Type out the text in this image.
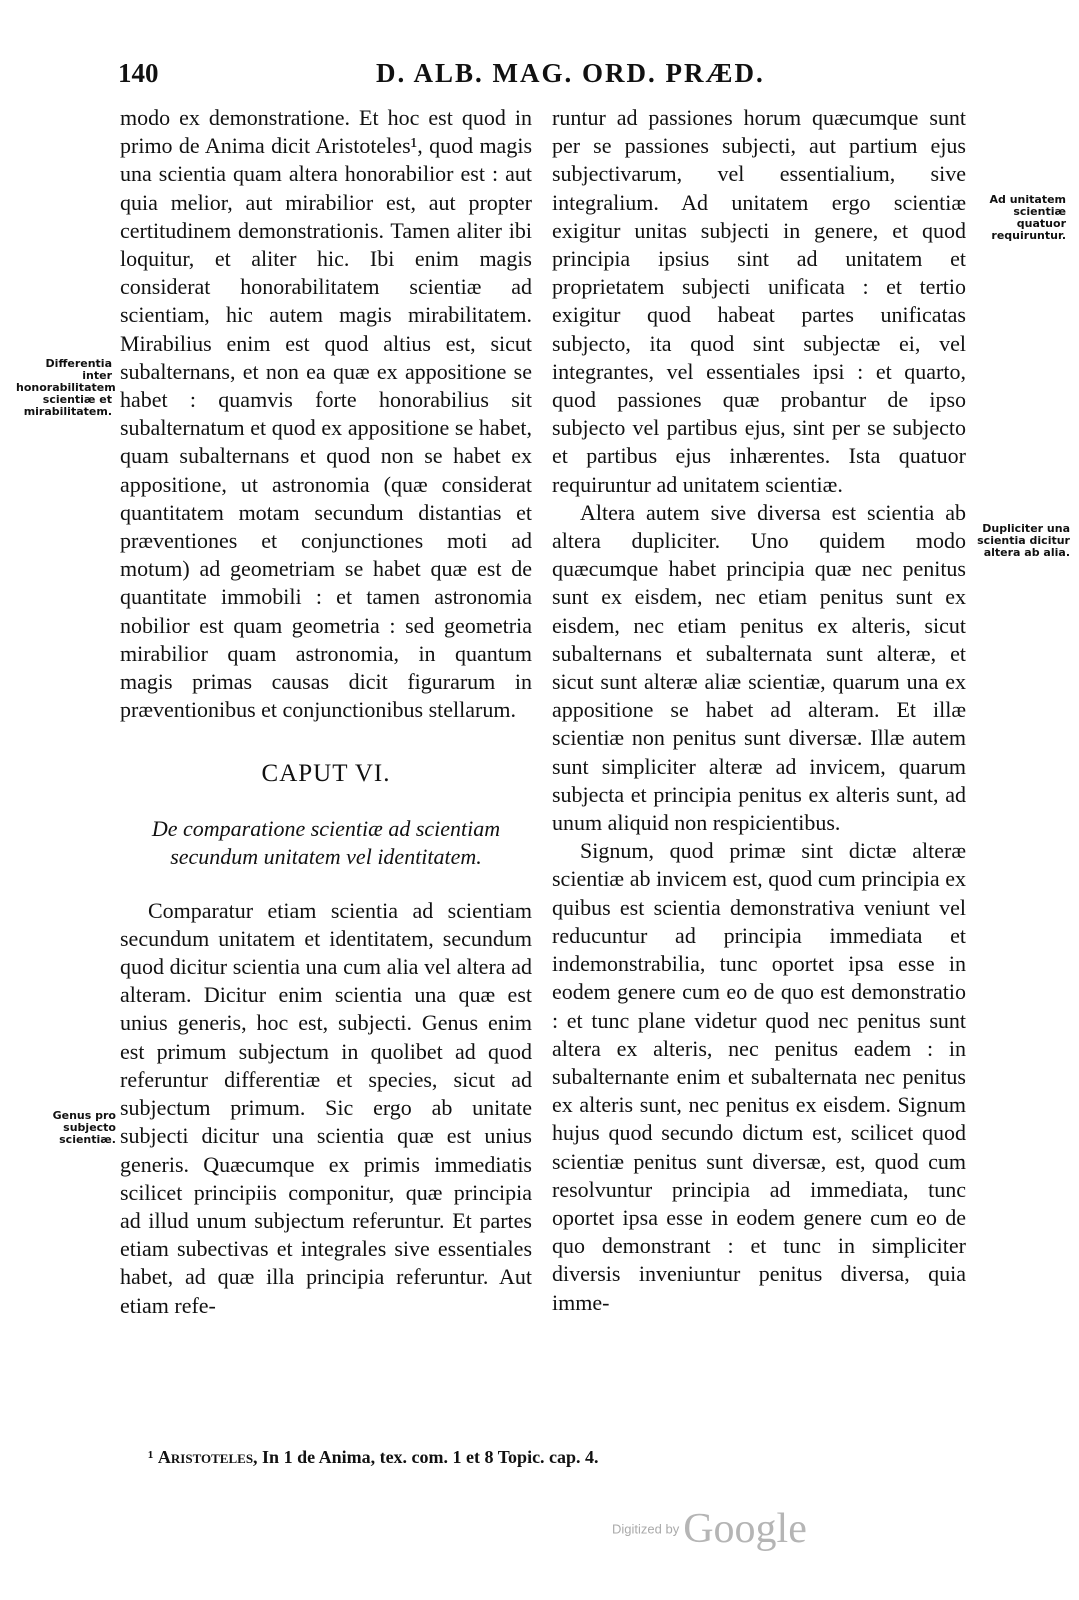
140	D. ALB. MAG. ORD. PRÆD.

modo ex demonstratione. Et hoc est quod in primo de Anima dicit Aristoteles¹, quod magis una scientia quam altera honorabilior est : aut quia melior, aut mirabilior est, aut propter certitudinem demonstrationis. Tamen aliter ibi loquitur, et aliter hic. Ibi enim magis considerat honorabilitatem scientiæ ad scientiam, hic autem magis mirabilitatem. Mirabilius enim est quod altius est, sicut subalternans, et non ea quæ ex appositione se habet : quamvis forte honorabilius sit subalternatum et quod ex appositione se habet, quam subalternans et quod non se habet ex appositione, ut astronomia (quæ considerat quantitatem motam secundum distantias et præventiones et conjunctiones moti ad motum) ad geometriam se habet quæ est de quantitate immobili : et tamen astronomia nobilior est quam geometria : sed geometria mirabilior quam astronomia, in quantum magis primas causas dicit figurarum in præventionibus et conjunctionibus stellarum.

CAPUT VI.
De comparatione scientiæ ad scientiam secundum unitatem vel identitatem.

Comparatur etiam scientia ad scientiam secundum unitatem et identitatem, secundum quod dicitur scientia una cum alia vel altera ad alteram. Dicitur enim scientia una quæ est unius generis, hoc est, subjecti. Genus enim est primum subjectum in quolibet ad quod referuntur differentiæ et species, sicut ad subjectum primum. Sic ergo ab unitate subjecti dicitur una scientia quæ est unius generis. Quæcumque ex primis immediatis scilicet principiis componitur, quæ principia ad illud unum subjectum referuntur. Et partes etiam subectivas et integrales sive essentiales habet, ad quæ illa principia referuntur. Aut etiam refe-

runtur ad passiones horum quæcumque sunt per se passiones subjecti, aut partium ejus subjectivarum, vel essentialium, sive integralium. Ad unitatem ergo scientiæ exigitur unitas subjecti in genere, et quod principia ipsius sint ad unitatem et proprietatem subjecti unificata : et tertio exigitur quod habeat partes unificatas subjecto, ita quod sint subjectæ ei, vel integrantes, vel essentiales ipsi : et quarto, quod passiones quæ probantur de ipso subjecto vel partibus ejus, sint per se subjecto et partibus ejus inhærentes. Ista quatuor requiruntur ad unitatem scientiæ.

Altera autem sive diversa est scientia ab altera dupliciter. Uno quidem modo quæcumque habet principia quæ nec penitus sunt ex eisdem, nec etiam penitus sunt ex eisdem, nec etiam penitus ex alteris, sicut subalternans et subalternata sunt alteræ, et sicut sunt alteræ aliæ scientiæ, quarum una ex appositione se habet ad alteram. Et illæ scientiæ non penitus sunt diversæ. Illæ autem sunt simpliciter alteræ ad invicem, quarum subjecta et principia penitus ex alteris sunt, ad unum aliquid non respicientibus.

Signum, quod primæ sint dictæ alteræ scientiæ ab invicem est, quod cum principia ex quibus est scientia demonstrativa veniunt vel reducuntur ad principia immediata et indemonstrabilia, tunc oportet ipsa esse in eodem genere cum eo de quo est demonstratio : et tunc plane videtur quod nec penitus sunt altera ex alteris, nec penitus eadem : in subalternante enim et subalternata nec penitus ex alteris sunt, nec penitus ex eisdem. Signum hujus quod secundo dictum est, scilicet quod scientiæ penitus sunt diversæ, est, quod cum resolvuntur principia ad immediata, tunc oportet ipsa esse in eodem genere cum eo de quo demonstrant : et tunc in simpliciter diversis inveniuntur penitus diversa, quia imme-

Differentia inter honorabilitatem scientiæ et mirabilitatem.
Genus pro subjecto scientiæ.
Ad unitatem scientiæ quatuor requiruntur.
Dupliciter una scientia dicitur altera ab alia.
¹ Aristoteles, In 1 de Anima, tex. com. 1 et 8 Topic. cap. 4.
Digitized by Google
